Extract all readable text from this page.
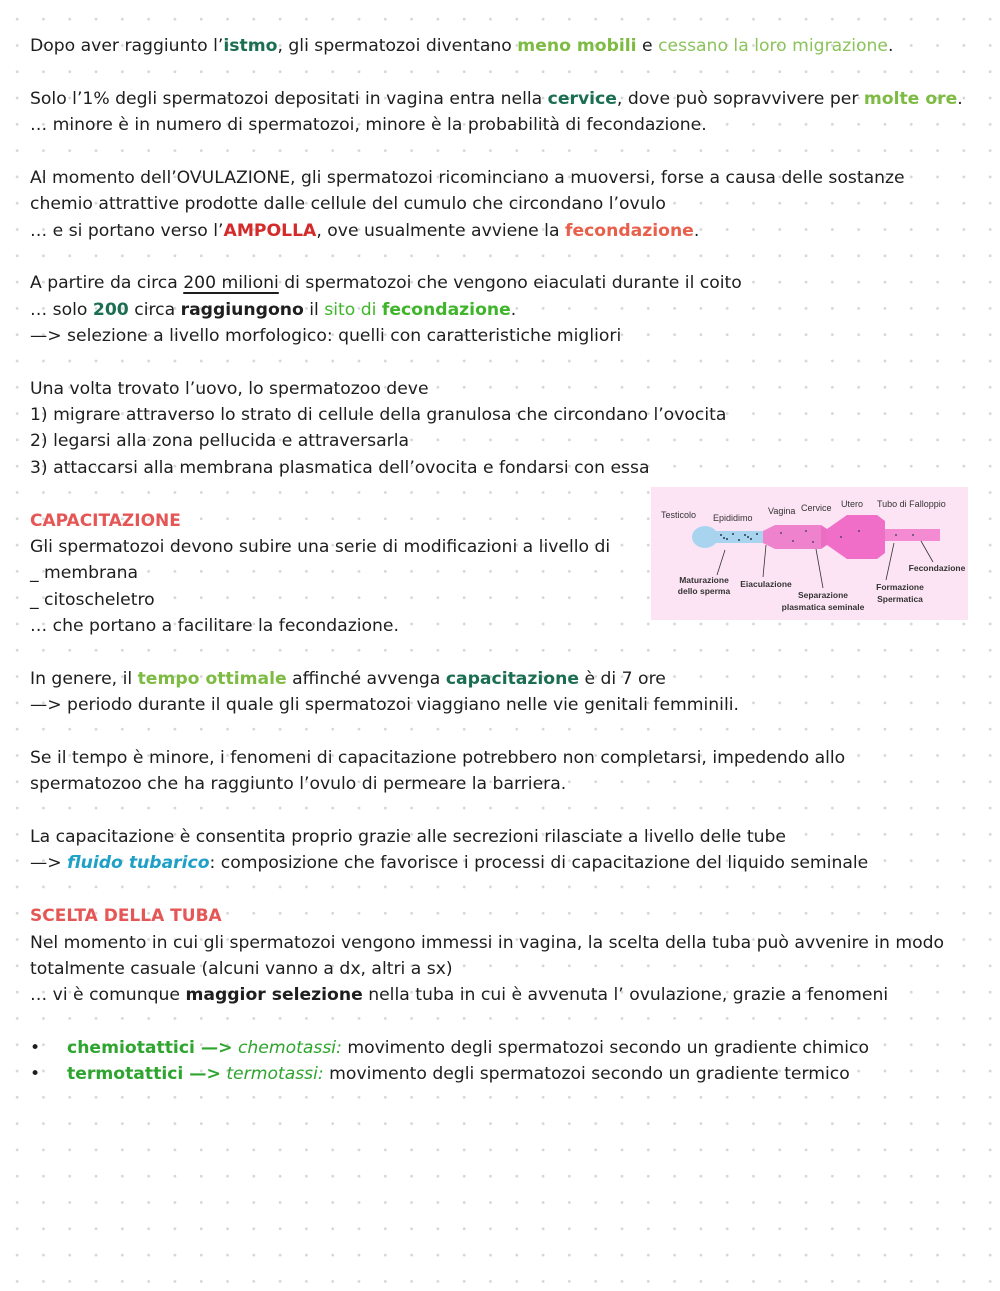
Dopo aver raggiunto l’istmo, gli spermatozoi diventano meno mobili e cessano la loro migrazione.
Solo l’1% degli spermatozoi depositati in vagina entra nella cervice, dove può sopravvivere per molte ore.
… minore è in numero di spermatozoi, minore è la probabilità di fecondazione.
Al momento dell’OVULAZIONE, gli spermatozoi ricominciano a muoversi, forse a causa delle sostanze
chemio attrattive prodotte dalle cellule del cumulo che circondano l’ovulo
… e si portano verso l’AMPOLLA, ove usualmente avviene la fecondazione.
A partire da circa 200 milioni di spermatozoi che vengono eiaculati durante il coito
… solo 200 circa raggiungono il sito di fecondazione.
—> selezione a livello morfologico: quelli con caratteristiche migliori
Una volta trovato l’uovo, lo spermatozoo deve
1) migrare attraverso lo strato di cellule della granulosa che circondano l’ovocita
2) legarsi alla zona pellucida e attraversarla
3) attaccarsi alla membrana plasmatica dell’ovocita e fondarsi con essa
CAPACITAZIONE
Gli spermatozoi devono subire una serie di modificazioni a livello di
_ membrana
_ citoscheletro
… che portano a facilitare la fecondazione.
In genere, il tempo ottimale affinché avvenga capacitazione è di 7 ore
—> periodo durante il quale gli spermatozoi viaggiano nelle vie genitali femminili.
Se il tempo è minore, i fenomeni di capacitazione potrebbero non completarsi, impedendo allo
spermatozoo che ha raggiunto l’ovulo di permeare la barriera.
La capacitazione è consentita proprio grazie alle secrezioni rilasciate a livello delle tube
—> fluido tubarico: composizione che favorisce i processi di capacitazione del liquido seminale
SCELTA DELLA TUBA
Nel momento in cui gli spermatozoi vengono immessi in vagina, la scelta della tuba può avvenire in modo
totalmente casuale (alcuni vanno a dx, altri a sx)
… vi è comunque maggior selezione nella tuba in cui è avvenuta l’ ovulazione, grazie a fenomeni
• chemiotattici —> chemotassi: movimento degli spermatozoi secondo un gradiente chimico
• termotattici —> termotassi: movimento degli spermatozoi secondo un gradiente termico
Testicolo Epididimo
Vagina Cervice Utero Tubo di Falloppio
Fecondazione
Maturazione
dello sperma
Eiaculazione
Separazione
plasmatica seminale
Formazione
Spermatica
